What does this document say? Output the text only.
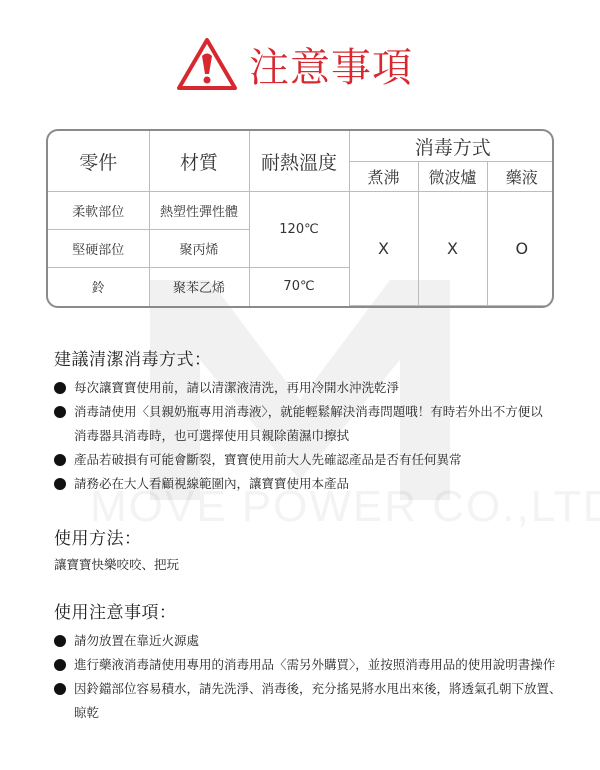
注意事項
零件	材質	耐熱溫度	消毒方式		
			煮沸	微波爐	藥液
柔軟部位	熱塑性彈性體	120℃	X	X	O
堅硬部位	聚丙烯				
鈴	聚苯乙烯	70℃			
建議清潔消毒方式：
每次讓寶寶使用前，請以清潔液清洗，再用冷開水沖洗乾淨
消毒請使用〈貝親奶瓶專用消毒液〉，就能輕鬆解決消毒問題哦！有時若外出不方便以消毒器具消毒時，也可選擇使用貝親除菌濕巾擦拭
產品若破損有可能會斷裂，寶寶使用前大人先確認產品是否有任何異常
請務必在大人看顧視線範圍內，讓寶寶使用本產品
使用方法：
讓寶寶快樂咬咬、把玩
使用注意事項：
請勿放置在靠近火源處
進行藥液消毒請使用專用的消毒用品〈需另外購買〉，並按照消毒用品的使用說明書操作
因鈴鐺部位容易積水，請先洗淨、消毒後，充分搖晃將水甩出來後，將透氣孔朝下放置、晾乾
